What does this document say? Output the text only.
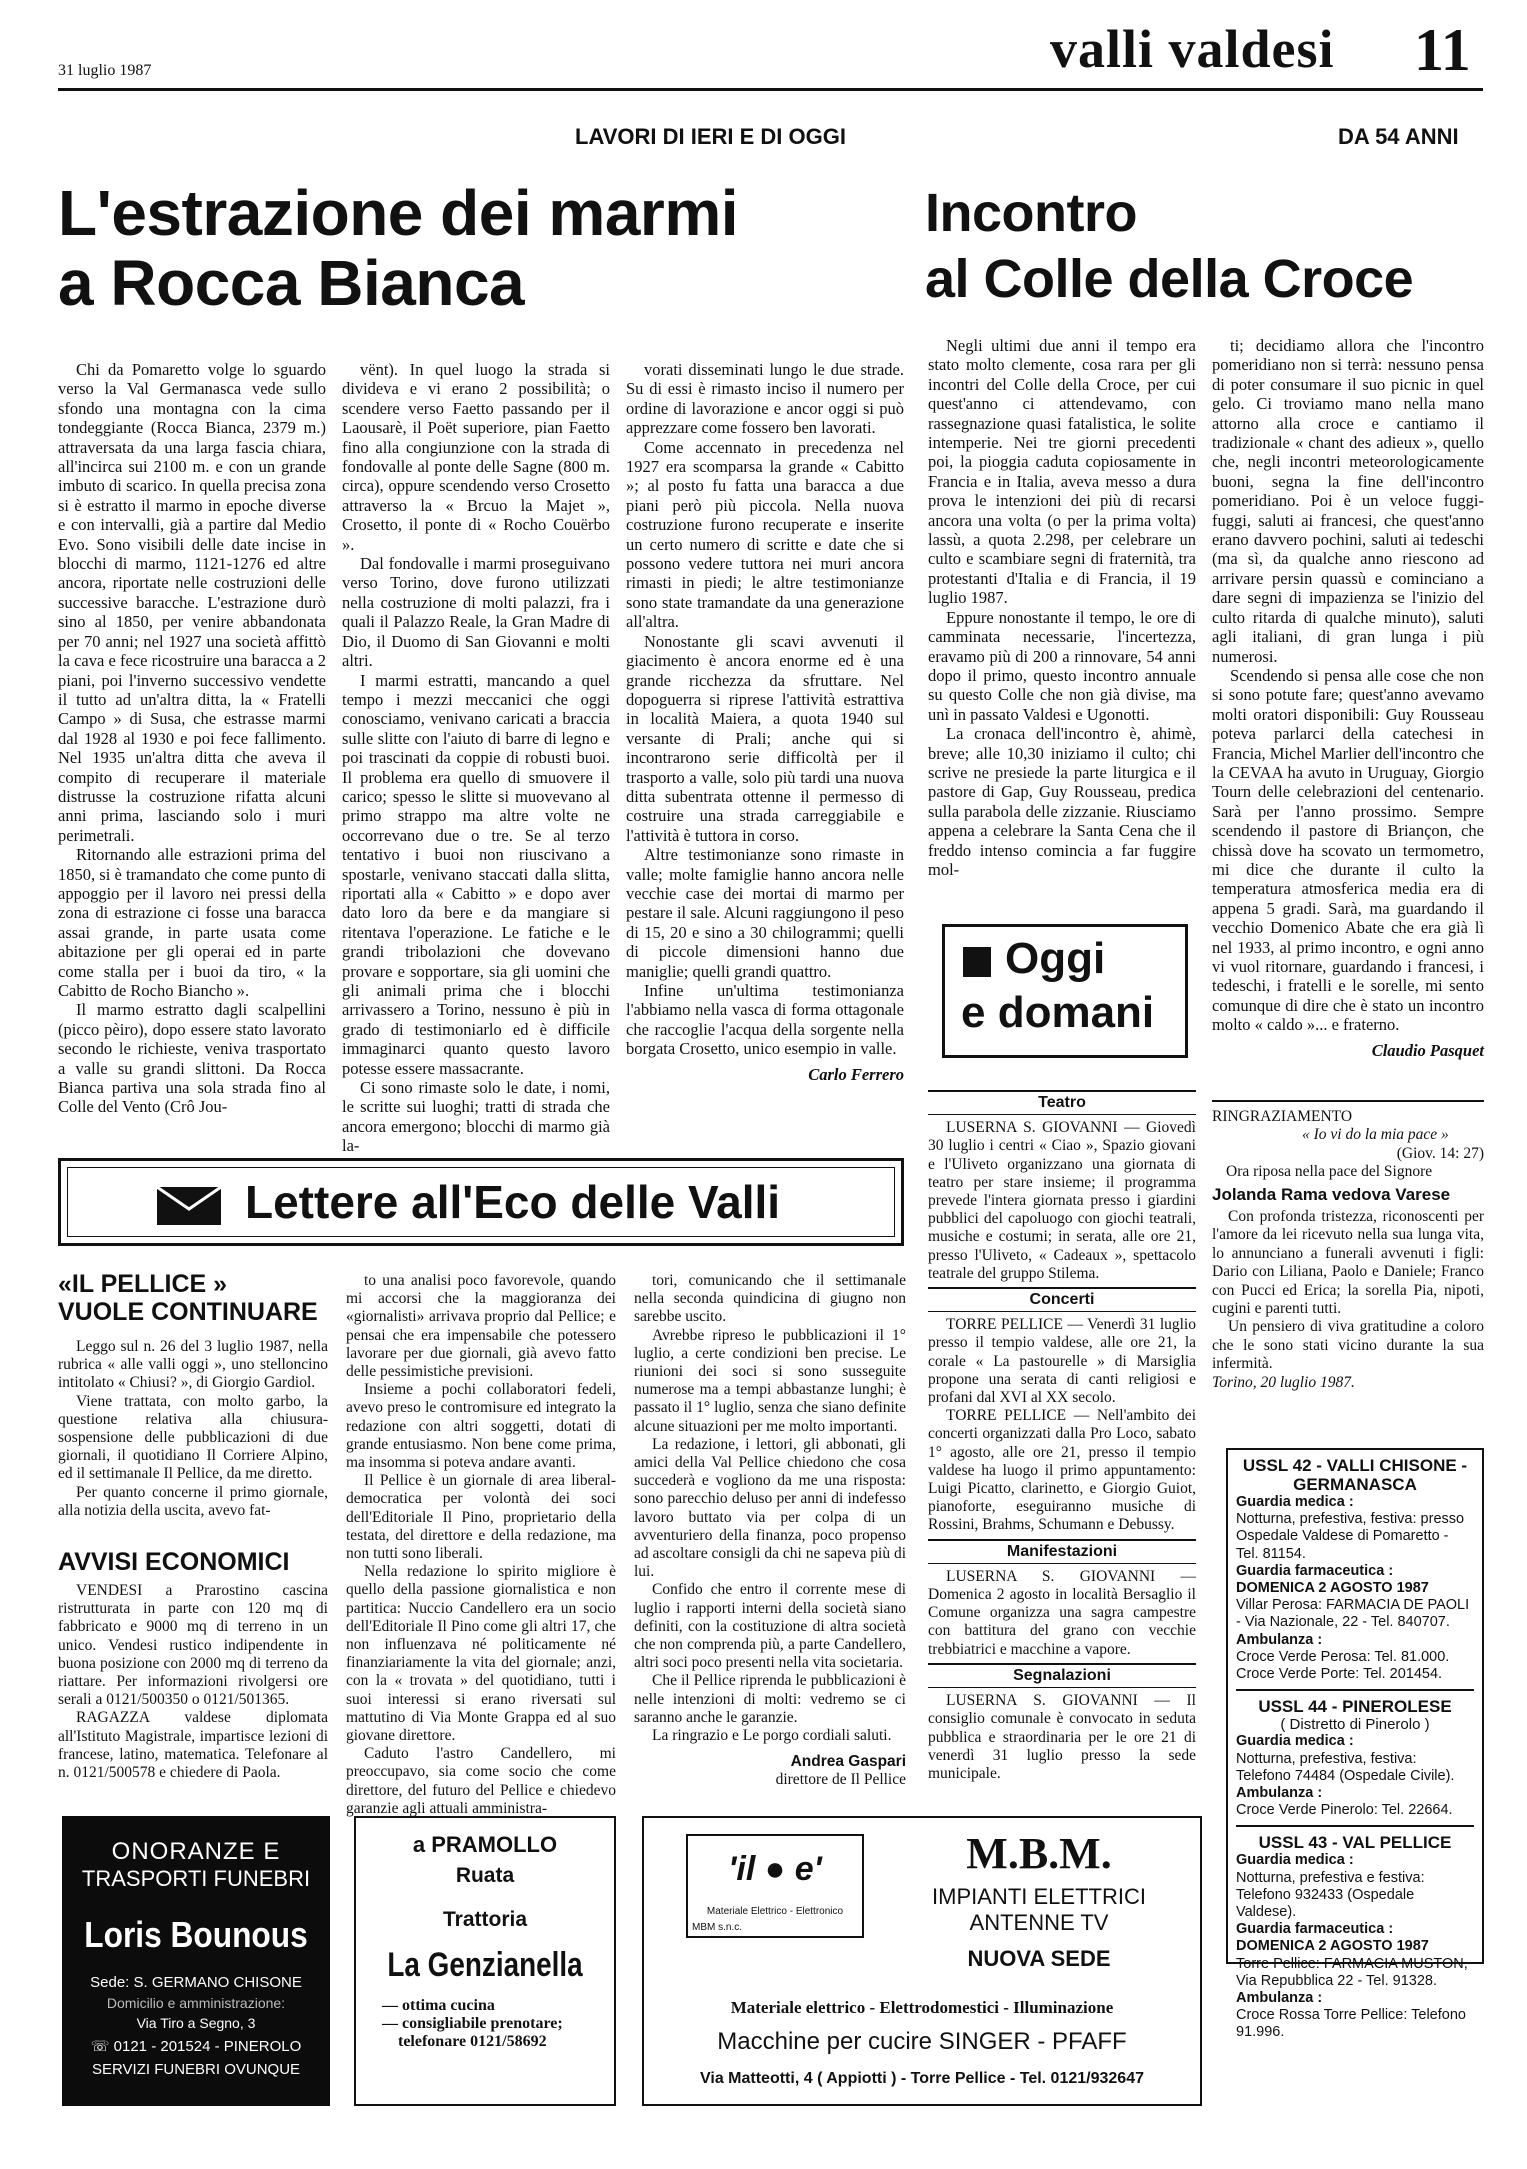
31 luglio 1987	valli valdesi 11
LAVORI DI IERI E DI OGGI	DA 54 ANNI
L'estrazione dei marmi
a Rocca Bianca
Incontro
al Colle della Croce

Chi da Pomaretto volge lo sguardo verso la Val Germanasca vede sullo sfondo una montagna con la cima tondeggiante (Rocca Bianca, 2379 m.) attraversata da una larga fascia chiara, all'incirca sui 2100 m. e con un grande imbuto di scarico. In quella precisa zona si è estratto il marmo in epoche diverse e con intervalli, già a partire dal Medio Evo. Sono visibili delle date incise in blocchi di marmo, 1121-1276 ed altre ancora, riportate nelle costruzioni delle successive baracche. L'estrazione durò sino al 1850, per venire abbandonata per 70 anni; nel 1927 una società affittò la cava e fece ricostruire una baracca a 2 piani, poi l'inverno successivo vendette il tutto ad un'altra ditta, la « Fratelli Campo » di Susa, che estrasse marmi dal 1928 al 1930 e poi fece fallimento. Nel 1935 un'altra ditta che aveva il compito di recuperare il materiale distrusse la costruzione rifatta alcuni anni prima, lasciando solo i muri perimetrali.

Ritornando alle estrazioni prima del 1850, si è tramandato che come punto di appoggio per il lavoro nei pressi della zona di estrazione ci fosse una baracca assai grande, in parte usata come abitazione per gli operai ed in parte come stalla per i buoi da tiro, « la Cabitto de Rocho Biancho ».

Il marmo estratto dagli scalpellini (picco pèiro), dopo essere stato lavorato secondo le richieste, veniva trasportato a valle su grandi slittoni. Da Rocca Bianca partiva una sola strada fino al Colle del Vento (Crô Jou-

vënt). In quel luogo la strada si divideva e vi erano 2 possibilità; o scendere verso Faetto passando per il Laousarè, il Poët superiore, pian Faetto fino alla congiunzione con la strada di fondovalle al ponte delle Sagne (800 m. circa), oppure scendendo verso Crosetto attraverso la « Brcuo la Majet », Crosetto, il ponte di « Rocho Couërbo ».

Dal fondovalle i marmi proseguivano verso Torino, dove furono utilizzati nella costruzione di molti palazzi, fra i quali il Palazzo Reale, la Gran Madre di Dio, il Duomo di San Giovanni e molti altri.

I marmi estratti, mancando a quel tempo i mezzi meccanici che oggi conosciamo, venivano caricati a braccia sulle slitte con l'aiuto di barre di legno e poi trascinati da coppie di robusti buoi. Il problema era quello di smuovere il carico; spesso le slitte si muovevano al primo strappo ma altre volte ne occorrevano due o tre. Se al terzo tentativo i buoi non riuscivano a spostarle, venivano staccati dalla slitta, riportati alla « Cabitto » e dopo aver dato loro da bere e da mangiare si ritentava l'operazione. Le fatiche e le grandi tribolazioni che dovevano provare e sopportare, sia gli uomini che gli animali prima che i blocchi arrivassero a Torino, nessuno è più in grado di testimoniarlo ed è difficile immaginarci quanto questo lavoro potesse essere massacrante.

Ci sono rimaste solo le date, i nomi, le scritte sui luoghi; tratti di strada che ancora emergono; blocchi di marmo già la-

vorati disseminati lungo le due strade. Su di essi è rimasto inciso il numero per ordine di lavorazione e ancor oggi si può apprezzare come fossero ben lavorati.

Come accennato in precedenza nel 1927 era scomparsa la grande « Cabitto »; al posto fu fatta una baracca a due piani però più piccola. Nella nuova costruzione furono recuperate e inserite un certo numero di scritte e date che si possono vedere tuttora nei muri ancora rimasti in piedi; le altre testimonianze sono state tramandate da una generazione all'altra.

Nonostante gli scavi avvenuti il giacimento è ancora enorme ed è una grande ricchezza da sfruttare. Nel dopoguerra si riprese l'attività estrattiva in località Maiera, a quota 1940 sul versante di Prali; anche qui si incontrarono serie difficoltà per il trasporto a valle, solo più tardi una nuova ditta subentrata ottenne il permesso di costruire una strada carreggiabile e l'attività è tuttora in corso.

Altre testimonianze sono rimaste in valle; molte famiglie hanno ancora nelle vecchie case dei mortai di marmo per pestare il sale. Alcuni raggiungono il peso di 15, 20 e sino a 30 chilogrammi; quelli di piccole dimensioni hanno due maniglie; quelli grandi quattro.

Infine un'ultima testimonianza l'abbiamo nella vasca di forma ottagonale che raccoglie l'acqua della sorgente nella borgata Crosetto, unico esempio in valle.

Carlo Ferrero

Negli ultimi due anni il tempo era stato molto clemente, cosa rara per gli incontri del Colle della Croce, per cui quest'anno ci attendevamo, con rassegnazione quasi fatalistica, le solite intemperie. Nei tre giorni precedenti poi, la pioggia caduta copiosamente in Francia e in Italia, aveva messo a dura prova le intenzioni dei più di recarsi ancora una volta (o per la prima volta) lassù, a quota 2.298, per celebrare un culto e scambiare segni di fraternità, tra protestanti d'Italia e di Francia, il 19 luglio 1987.

Eppure nonostante il tempo, le ore di camminata necessarie, l'incertezza, eravamo più di 200 a rinnovare, 54 anni dopo il primo, questo incontro annuale su questo Colle che non già divise, ma unì in passato Valdesi e Ugonotti.

La cronaca dell'incontro è, ahimè, breve; alle 10,30 iniziamo il culto; chi scrive ne presiede la parte liturgica e il pastore di Gap, Guy Rousseau, predica sulla parabola delle zizzanie. Riusciamo appena a celebrare la Santa Cena che il freddo intenso comincia a far fuggire mol-

ti; decidiamo allora che l'incontro pomeridiano non si terrà: nessuno pensa di poter consumare il suo picnic in quel gelo. Ci troviamo mano nella mano attorno alla croce e cantiamo il tradizionale « chant des adieux », quello che, negli incontri meteorologicamente buoni, segna la fine dell'incontro pomeridiano. Poi è un veloce fuggi-fuggi, saluti ai francesi, che quest'anno erano davvero pochini, saluti ai tedeschi (ma sì, da qualche anno riescono ad arrivare persin quassù e cominciano a dare segni di impazienza se l'inizio del culto ritarda di qualche minuto), saluti agli italiani, di gran lunga i più numerosi.

Scendendo si pensa alle cose che non si sono potute fare; quest'anno avevamo molti oratori disponibili: Guy Rousseau poteva parlarci della catechesi in Francia, Michel Marlier dell'incontro che la CEVAA ha avuto in Uruguay, Giorgio Tourn delle celebrazioni del centenario. Sarà per l'anno prossimo. Sempre scendendo il pastore di Briançon, che chissà dove ha scovato un termometro, mi dice che durante il culto la temperatura atmosferica media era di appena 5 gradi. Sarà, ma guardando il vecchio Domenico Abate che era già lì nel 1933, al primo incontro, e ogni anno vi vuol ritornare, guardando i francesi, i tedeschi, i fratelli e le sorelle, mi sento comunque di dire che è stato un incontro molto « caldo »... e fraterno.

Claudio Pasquet
Oggi
e domani
Teatro

LUSERNA S. GIOVANNI — Giovedì 30 luglio i centri « Ciao », Spazio giovani e l'Uliveto organizzano una giornata di teatro per stare insieme; il programma prevede l'intera giornata presso i giardini pubblici del capoluogo con giochi teatrali, musiche e costumi; in serata, alle ore 21, presso l'Uliveto, « Cadeaux », spettacolo teatrale del gruppo Stilema.

Concerti

TORRE PELLICE — Venerdì 31 luglio presso il tempio valdese, alle ore 21, la corale « La pastourelle » di Marsiglia propone una serata di canti religiosi e profani dal XVI al XX secolo.

TORRE PELLICE — Nell'ambito dei concerti organizzati dalla Pro Loco, sabato 1° agosto, alle ore 21, presso il tempio valdese ha luogo il primo appuntamento: Luigi Picatto, clarinetto, e Giorgio Guiot, pianoforte, eseguiranno musiche di Rossini, Brahms, Schumann e Debussy.

Manifestazioni

LUSERNA S. GIOVANNI — Domenica 2 agosto in località Bersaglio il Comune organizza una sagra campestre con battitura del grano con vecchie trebbiatrici e macchine a vapore.

Segnalazioni

LUSERNA S. GIOVANNI — Il consiglio comunale è convocato in seduta pubblica e straordinaria per le ore 21 di venerdì 31 luglio presso la sede municipale.

RINGRAZIAMENTO
« Io vi do la mia pace »
(Giov. 14: 27)
Ora riposa nella pace del Signore
Jolanda Rama vedova Varese

Con profonda tristezza, riconoscenti per l'amore da lei ricevuto nella sua lunga vita, lo annunciano a funerali avvenuti i figli: Dario con Liliana, Paolo e Daniele; Franco con Pucci ed Erica; la sorella Pia, nipoti, cugini e parenti tutti.

Un pensiero di viva gratitudine a coloro che le sono stati vicino durante la sua infermità.

Torino, 20 luglio 1987.
Lettere all'Eco delle Valli
«IL PELLICE »
VUOLE CONTINUARE

Leggo sul n. 26 del 3 luglio 1987, nella rubrica « alle valli oggi », uno stelloncino intitolato « Chiusi? », di Giorgio Gardiol.

Viene trattata, con molto garbo, la questione relativa alla chiusura-sospensione delle pubblicazioni di due giornali, il quotidiano Il Corriere Alpino, ed il settimanale Il Pellice, da me diretto.

Per quanto concerne il primo giornale, alla notizia della uscita, avevo fat-

to una analisi poco favorevole, quando mi accorsi che la maggioranza dei «giornalisti» arrivava proprio dal Pellice; e pensai che era impensabile che potessero lavorare per due giornali, già avevo fatto delle pessimistiche previsioni.

Insieme a pochi collaboratori fedeli, avevo preso le contromisure ed integrato la redazione con altri soggetti, dotati di grande entusiasmo. Non bene come prima, ma insomma si poteva andare avanti.

Il Pellice è un giornale di area liberal-democratica per volontà dei soci dell'Editoriale Il Pino, proprietario della testata, del direttore e della redazione, ma non tutti sono liberali.

Nella redazione lo spirito migliore è quello della passione giornalistica e non partitica: Nuccio Candellero era un socio dell'Editoriale Il Pino come gli altri 17, che non influenzava né politicamente né finanziariamente la vita del giornale; anzi, con la « trovata » del quotidiano, tutti i suoi interessi si erano riversati sul mattutino di Via Monte Grappa ed al suo giovane direttore.

Caduto l'astro Candellero, mi preoccupavo, sia come socio che come direttore, del futuro del Pellice e chiedevo garanzie agli attuali amministra-

tori, comunicando che il settimanale nella seconda quindicina di giugno non sarebbe uscito.

Avrebbe ripreso le pubblicazioni il 1° luglio, a certe condizioni ben precise. Le riunioni dei soci si sono susseguite numerose ma a tempi abbastanze lunghi; è passato il 1° luglio, senza che siano definite alcune situazioni per me molto importanti.

La redazione, i lettori, gli abbonati, gli amici della Val Pellice chiedono che cosa succederà e vogliono da me una risposta: sono parecchio deluso per anni di indefesso lavoro buttato via per colpa di un avventuriero della finanza, poco propenso ad ascoltare consigli da chi ne sapeva più di lui.

Confido che entro il corrente mese di luglio i rapporti interni della società siano definiti, con la costituzione di altra società che non comprenda più, a parte Candellero, altri soci poco presenti nella vita societaria.

Che il Pellice riprenda le pubblicazioni è nelle intenzioni di molti: vedremo se ci saranno anche le garanzie.

La ringrazio e Le porgo cordiali saluti.

Andrea Gaspari
direttore de Il Pellice
AVVISI ECONOMICI

VENDESI a Prarostino cascina ristrutturata in parte con 120 mq di fabbricato e 9000 mq di terreno in un unico. Vendesi rustico indipendente in buona posizione con 2000 mq di terreno da riattare. Per informazioni rivolgersi ore serali a 0121/500350 o 0121/501365.

RAGAZZA valdese diplomata all'Istituto Magistrale, impartisce lezioni di francese, latino, matematica. Telefonare al n. 0121/500578 e chiedere di Paola.

USSL 42 - VALLI CHISONE - GERMANASCA
Guardia medica :
Notturna, prefestiva, festiva: presso Ospedale Valdese di Pomaretto - Tel. 81154.
Guardia farmaceutica :
DOMENICA 2 AGOSTO 1987
Villar Perosa: FARMACIA DE PAOLI - Via Nazionale, 22 - Tel. 840707.
Ambulanza :
Croce Verde Perosa: Tel. 81.000. Croce Verde Porte: Tel. 201454.
USSL 44 - PINEROLESE
( Distretto di Pinerolo )
Guardia medica :
Notturna, prefestiva, festiva: Telefono 74484 (Ospedale Civile).
Ambulanza :
Croce Verde Pinerolo: Tel. 22664.
USSL 43 - VAL PELLICE
Guardia medica :
Notturna, prefestiva e festiva: Telefono 932433 (Ospedale Valdese).
Guardia farmaceutica :
DOMENICA 2 AGOSTO 1987
Torre Pellice: FARMACIA MUSTON, Via Repubblica 22 - Tel. 91328.
Ambulanza :
Croce Rossa Torre Pellice: Telefono 91.996.
ONORANZE E
TRASPORTI FUNEBRI
Loris Bounous
Sede: S. GERMANO CHISONE
Domicilio e amministrazione:
Via Tiro a Segno, 3
☏ 0121 - 201524 - PINEROLO
SERVIZI FUNEBRI OVUNQUE
a PRAMOLLO
Ruata
Trattoria
La Genzianella
— ottima cucina
— consigliabile prenotare;
telefonare 0121/58692
'il ● e'
Materiale Elettrico - Elettronico
MBM s.n.c.
M.B.M.
IMPIANTI ELETTRICI
ANTENNE TV
NUOVA SEDE
Materiale elettrico - Elettrodomestici - Illuminazione
Macchine per cucire SINGER - PFAFF
Via Matteotti, 4 ( Appiotti ) - Torre Pellice - Tel. 0121/932647
